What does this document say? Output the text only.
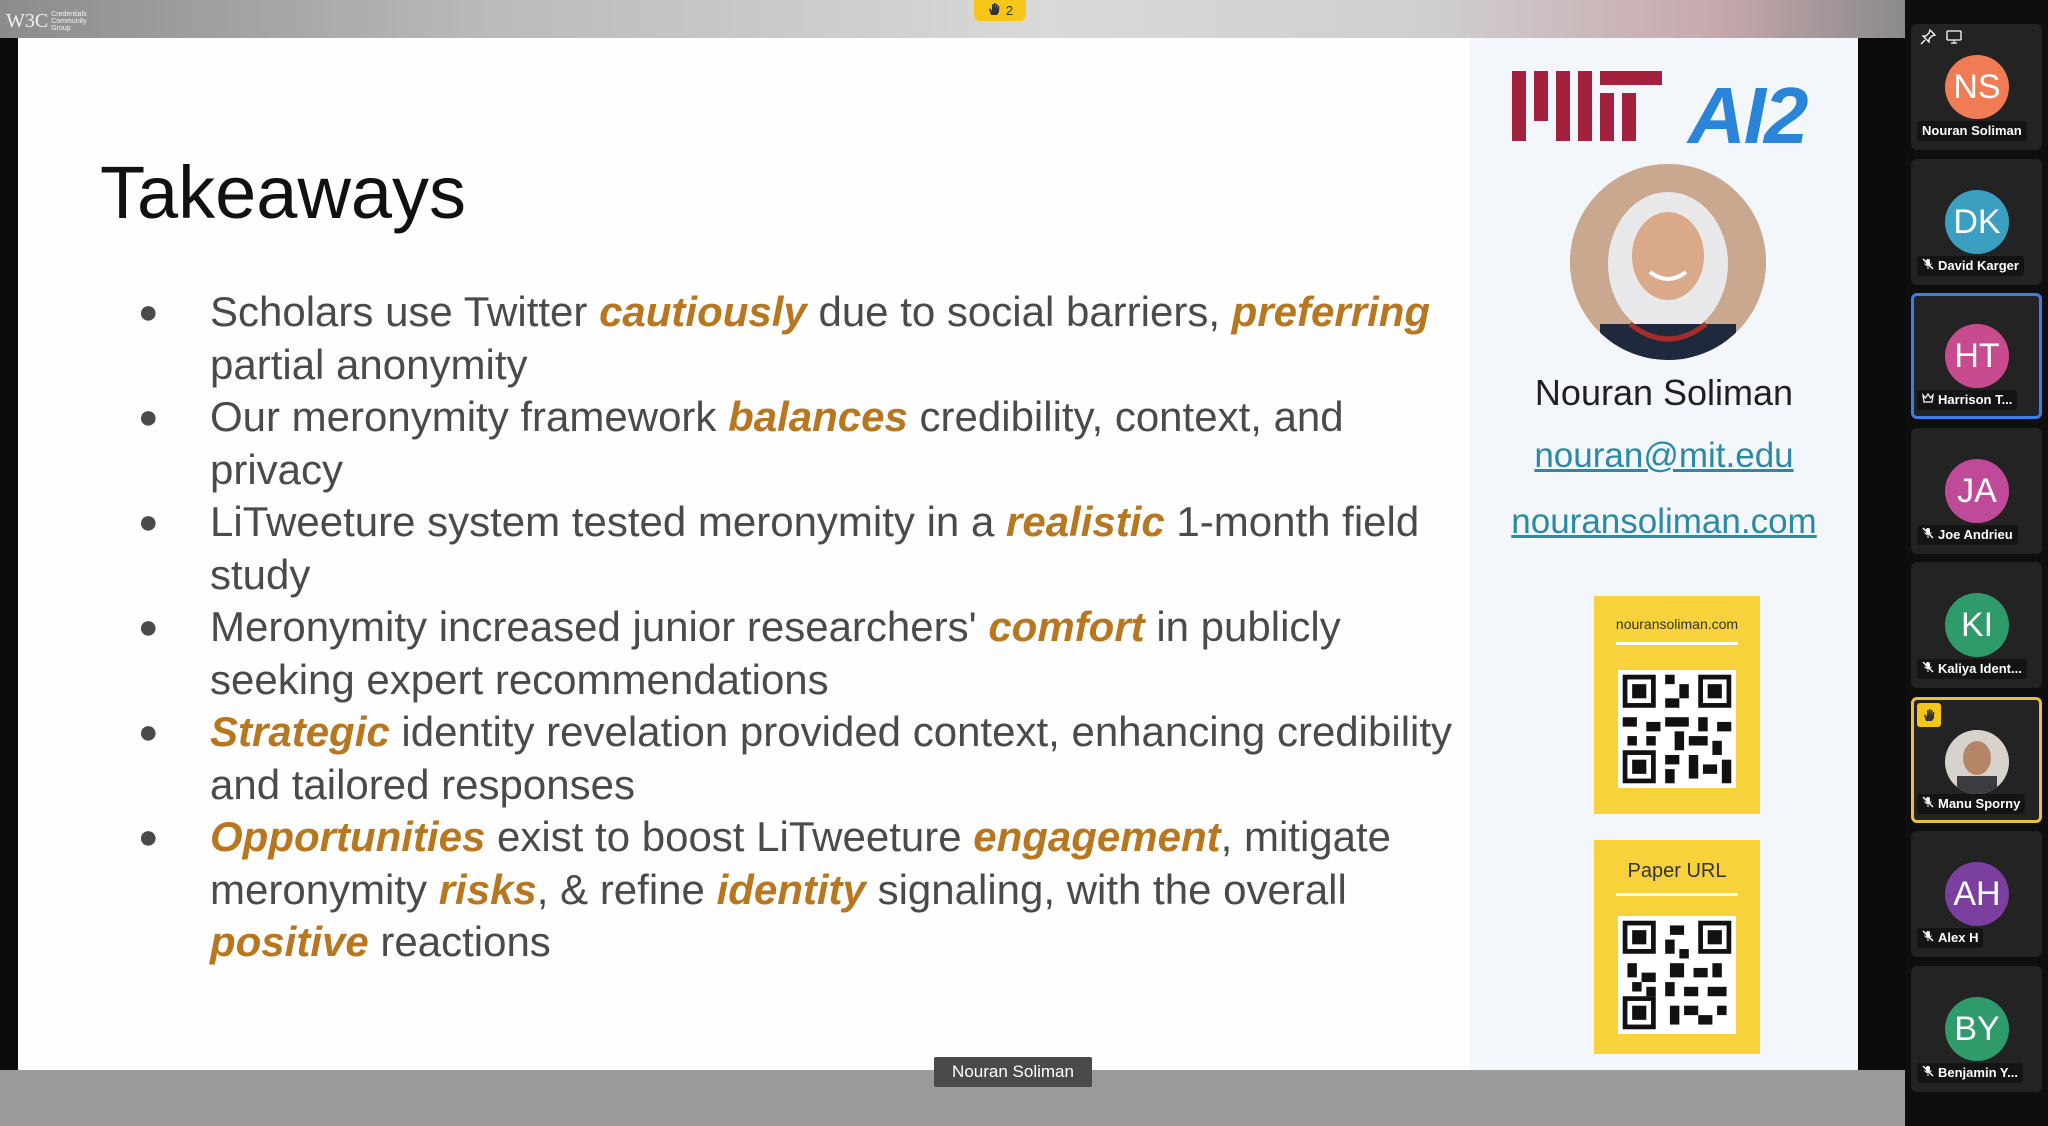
W3C Credentials Community Group
2
Takeaways
● Scholars use Twitter cautiously due to social barriers, preferring partial anonymity
● Our meronymity framework balances credibility, context, and privacy
● LiTweeture system tested meronymity in a realistic 1-month field study
● Meronymity increased junior researchers' comfort in publicly seeking expert recommendations
● Strategic identity revelation provided context, enhancing credibility and tailored responses
● Opportunities exist to boost LiTweeture engagement, mitigate meronymity risks, & refine identity signaling, with the overall positive reactions
AI2
Nouran Soliman
nouran@mit.edu
nouransoliman.com
nouransoliman.com
Paper URL
Nouran Soliman
NS
Nouran Soliman
DK
David Karger
HT
Harrison T...
JA
Joe Andrieu
KI
Kaliya Ident...
Manu Sporny
AH
Alex H
BY
Benjamin Y...
